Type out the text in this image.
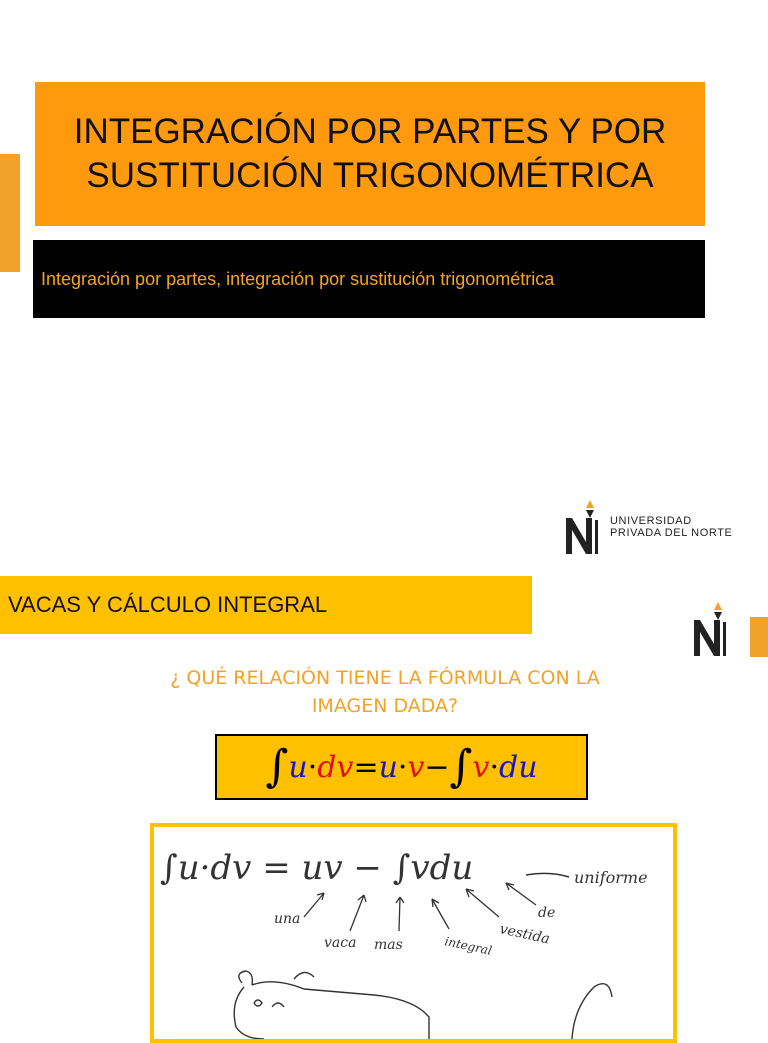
INTEGRACIÓN POR PARTES Y POR
SUSTITUCIÓN TRIGONOMÉTRICA

Integración por partes, integración por sustitución trigonométrica

UNIVERSIDAD
PRIVADA DEL NORTE
VACAS Y CÁLCULO INTEGRAL

¿ QUÉ RELACIÓN TIENE LA FÓRMULA CON LA
IMAGEN DADA?

∫ u · dv = u · v − ∫ v · du
∫u·dv = uv − ∫vdu	uniforme
una
vaca mas	integral vestida
de
